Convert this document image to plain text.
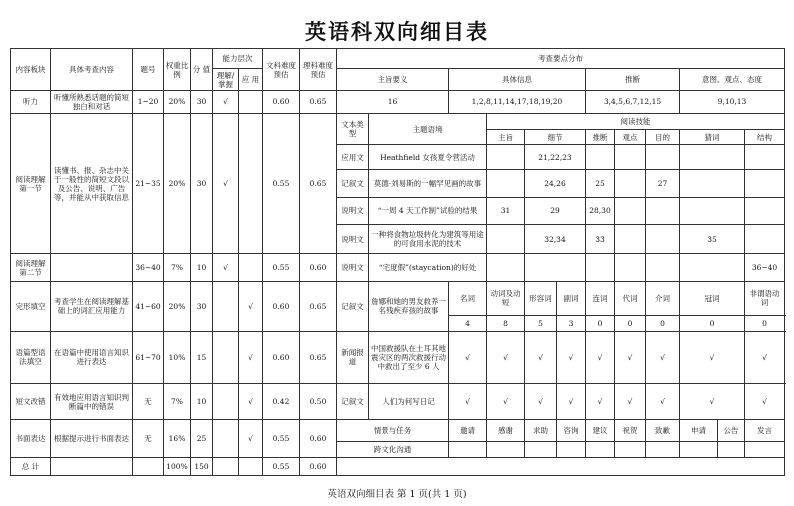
英语科双向细目表
内容板块	具体考查内容	题号	权重比例	分 值	能力层次		文科难度预估	理科难度预估	考查要点分布												
					理解/掌握	应 用			主旨要义		具体信息				推断			意图、观点、态度			
听力	听懂所熟悉话题的简短独白和对话	1~20	20%	30	√		0.60	0.65	16		1,2,8,11,14,17,18,19,20				3,4,5,6,7,12,15			9,10,13			
阅读理解第一节	读懂书、报、杂志中关于一般性的简短文段以及公告、说明、广告等，并能从中获取信息	21~35	20%	30	√		0.55	0.65	文本类型	主题语境		阅读技能									
												主旨	细节		推断	观点	目的	猜词		结构	
									应用文	Heathfield 女孩夏令营活动			21,22,23								
									记叙文	莫德·刘易斯的一幅罕见画的故事			24,26		25		27				
									说明文	“一周 4 天工作制”试验的结果		31	29		28,30						
									说明文	一种将食物垃圾转化为建筑等用途的可食用水泥的技术			32,34		33			35			
阅读理解第二节		36~40	7%	10	√		0.55	0.60	说明文	“宅度假”(staycation)的好处										36~40	
完形填空	考查学生在阅读理解基础上的词汇应用能力	41~60	20%	30		√	0.60	0.65	记叙文	詹娜和她的男友救养一名残疾弃孩的故事	名词	动词及动短	形容词	副词	连词	代词	介词	冠词		非谓语动词	
											4	8	5	3	0	0	0	0		0	
语篇型语法填空	在语篇中使用语言知识进行表达	61~70	10%	15		√	0.60	0.65	新闻报道	中国救援队在土耳其地震灾区的两次救援行动中救出了至少 6 人	√	√	√	√	√	√	√	√		√	
短文改错	有效地应用语言知识判断篇中的错误	无	7%	10		√	0.42	0.50	记叙文	人们为何写日记	√	√	√	√	√	√	√	√		√	
书面表达	根据提示进行书面表达	无	16%	25		√	0.55	0.60	情景与任务		邀请	感谢	求助	咨询	建议	祝贺	致歉	申请	公告	发言	
									跨文化沟通											
总 计			100%	150			0.55	0.60													
英语双向细目表 第 1 页(共 1 页)
